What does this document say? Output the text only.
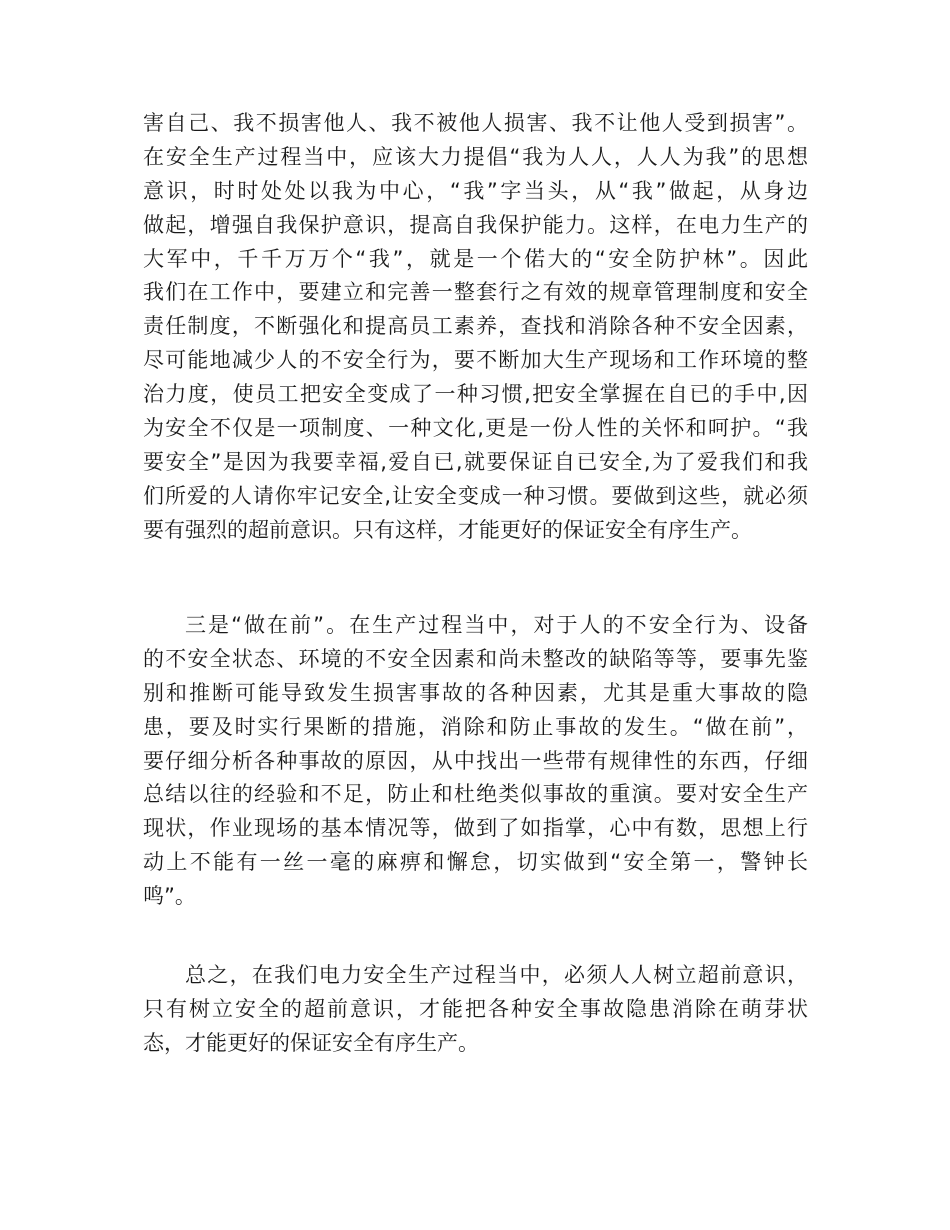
害自己、我不损害他人、我不被他人损害、我不让他人受到损害”。
在安全生产过程当中，应该大力提倡“我为人人，人人为我”的思想
意识，时时处处以我为中心，“我”字当头，从“我”做起，从身边
做起，增强自我保护意识，提高自我保护能力。这样，在电力生产的
大军中，千千万万个“我”，就是一个偌大的“安全防护林”。因此
我们在工作中，要建立和完善一整套行之有效的规章管理制度和安全
责任制度，不断强化和提高员工素养，查找和消除各种不安全因素，
尽可能地减少人的不安全行为，要不断加大生产现场和工作环境的整
治力度，使员工把安全变成了一种习惯,把安全掌握在自已的手中,因
为安全不仅是一项制度、一种文化,更是一份人性的关怀和呵护。“我
要安全”是因为我要幸福,爱自已,就要保证自已安全,为了爱我们和我
们所爱的人请你牢记安全,让安全变成一种习惯。要做到这些，就必须
要有强烈的超前意识。只有这样，才能更好的保证安全有序生产。
三是“做在前”。在生产过程当中，对于人的不安全行为、设备
的不安全状态、环境的不安全因素和尚未整改的缺陷等等，要事先鉴
别和推断可能导致发生损害事故的各种因素，尤其是重大事故的隐
患，要及时实行果断的措施，消除和防止事故的发生。“做在前”，
要仔细分析各种事故的原因，从中找出一些带有规律性的东西，仔细
总结以往的经验和不足，防止和杜绝类似事故的重演。要对安全生产
现状，作业现场的基本情况等，做到了如指掌，心中有数，思想上行
动上不能有一丝一毫的麻痹和懈怠，切实做到“安全第一，警钟长
鸣”。
总之，在我们电力安全生产过程当中，必须人人树立超前意识，
只有树立安全的超前意识，才能把各种安全事故隐患消除在萌芽状
态，才能更好的保证安全有序生产。
